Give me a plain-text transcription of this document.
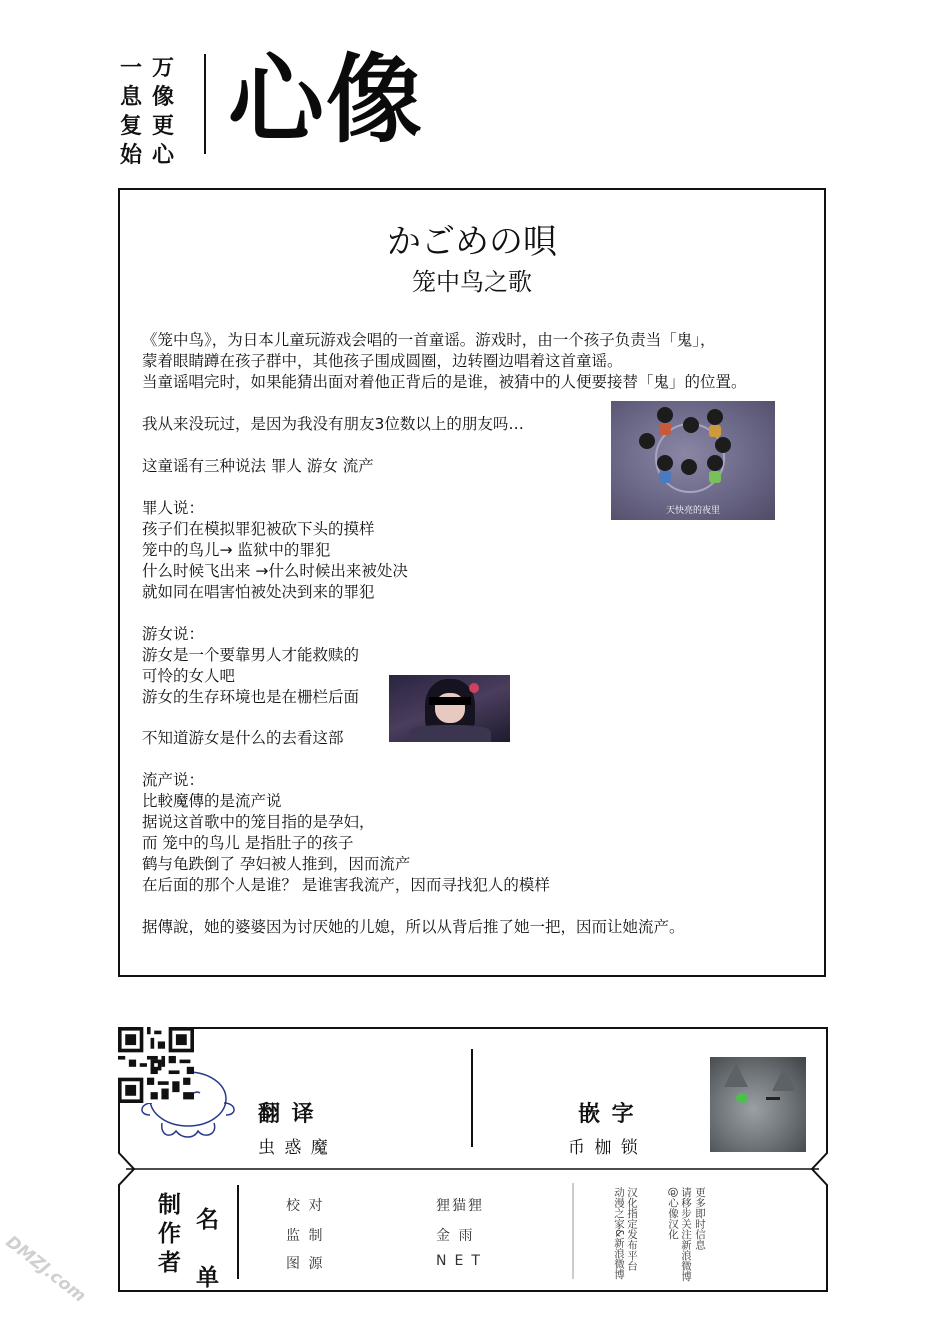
一
息
复
始
万
像
更
心 心像
かごめの唄
笼中鸟之歌
《笼中鸟》，为日本儿童玩游戏会唱的一首童谣。游戏时，由一个孩子负责当「鬼」，
蒙着眼睛蹲在孩子群中，其他孩子围成圆圈，边转圈边唱着这首童谣。
当童谣唱完时，如果能猜出面对着他正背后的是谁，被猜中的人便要接替「鬼」的位置。
我从来没玩过，是因为我没有朋友3位数以上的朋友吗…
这童谣有三种说法 罪人 游女 流产
罪人说：
孩子们在模拟罪犯被砍下头的摸样
笼中的鸟儿→ 监狱中的罪犯
什么时候飞出来 →什么时候出来被处决
就如同在唱害怕被处决到来的罪犯
游女说：
游女是一个要靠男人才能救赎的
可怜的女人吧
游女的生存环境也是在栅栏后面
不知道游女是什么的去看这部
流产说：
比較魔傳的是流产说
据说这首歌中的笼目指的是孕妇，
而 笼中的鸟儿 是指肚子的孩子
鹤与龟跌倒了 孕妇被人推到，因而流产
在后面的那个人是谁？ 是谁害我流产，因而寻找犯人的模样
据傳說，她的婆婆因为讨厌她的儿媳，所以从背后推了她一把，因而让她流产。
天快亮的夜里
翻 译
虫 惑 魔
嵌 字
币 枷 锁
制
作
者
名
单
校 对	狸猫狸
监 制	金 雨
图 源	NET	汉化指定发布平台
动漫之家&新浪微博	请移步关注新浪微博
@心像汉化 更多即时信息
DMZJ.com
